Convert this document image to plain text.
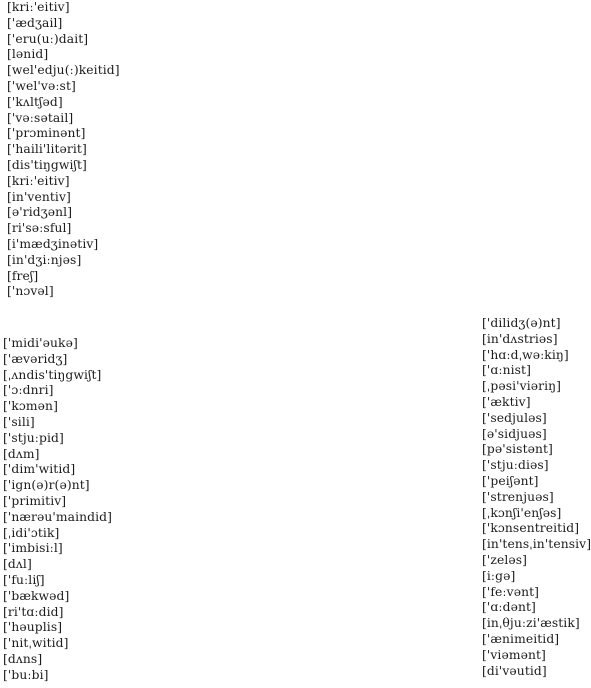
[kriː'eitiv]
['ædʒail]
['eru(uː)dait]
[lənid]
[wel'edju(ː)keitid]
['wel'vəːst]
['kʌltʃəd]
['vəːsətail]
['prɔminənt]
['haili'litərit]
[dis'tiŋgwiʃt]
[kriː'eitiv]
[in'ventiv]
[ə'ridʒənl]
[ri'səːsful]
[i'mædʒinətiv]
[in'dʒiːnjəs]
[freʃ]
['nɔvəl]
['midi'əukə]
['ævəridʒ]
[ˌʌndis'tiŋgwiʃt]
['ɔːdnri]
['kɔmən]
['sili]
['stjuːpid]
[dʌm]
['dim'witid]
['ign(ə)r(ə)nt]
['primitiv]
['nærəu'maindid]
[ˌidi'ɔtik]
['imbisiːl]
[dʌl]
['fuːliʃ]
['bækwəd]
[ri'tɑːdid]
['həuplis]
['nitˌwitid]
[dʌns]
['buːbi]
['dilidʒ(ə)nt]
[in'dʌstriəs]
['hɑːdˌwəːkiŋ]
['ɑːnist]
[ˌpəsi'viəriŋ]
['æktiv]
['sedjuləs]
[ə'sidjuəs]
[pə'sistənt]
['stjuːdiəs]
['peiʃənt]
['strenjuəs]
[ˌkɔnʃi'enʃəs]
['kɔnsentreitid]
[in'tensˌin'tensiv]
['zeləs]
[iːgə]
['feːvənt]
['ɑːdənt]
[inˌθjuːzi'æstik]
['ænimeitid]
['viəmənt]
[di'vəutid]
